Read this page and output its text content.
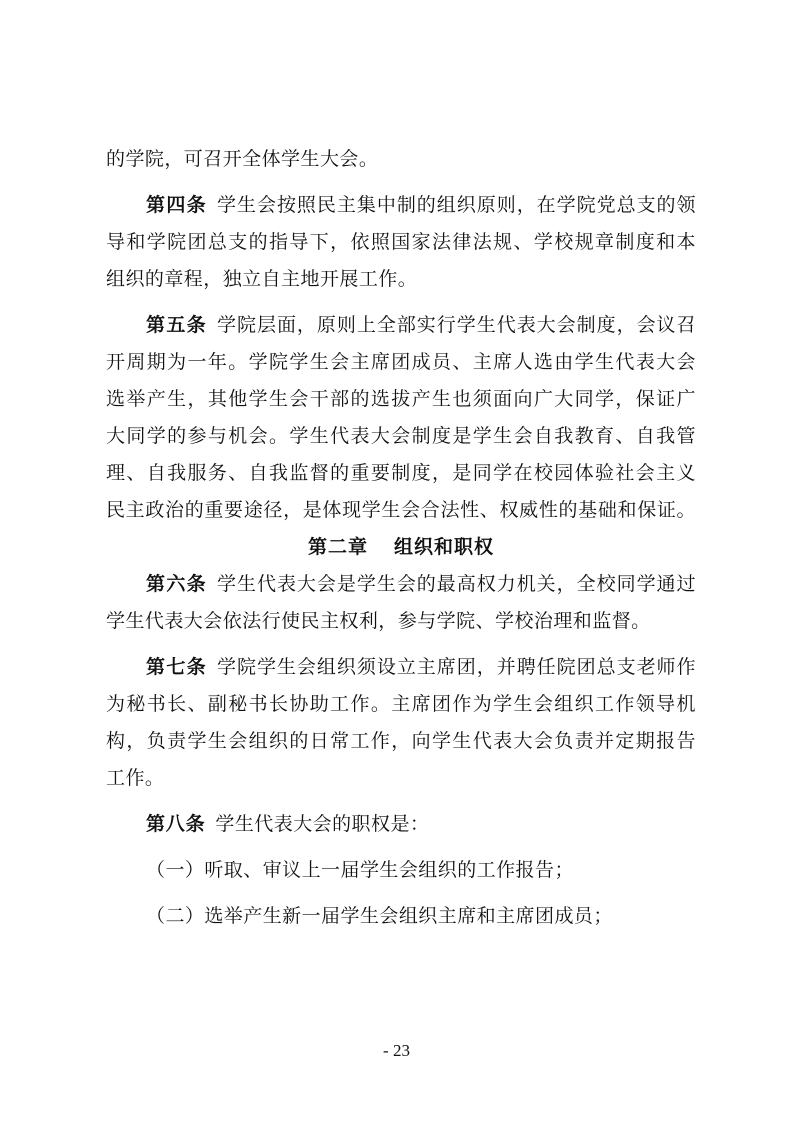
的学院，可召开全体学生大会。
第四条 学生会按照民主集中制的组织原则，在学院党总支的领
导和学院团总支的指导下，依照国家法律法规、学校规章制度和本
组织的章程，独立自主地开展工作。
第五条 学院层面，原则上全部实行学生代表大会制度，会议召
开周期为一年。学院学生会主席团成员、主席人选由学生代表大会
选举产生，其他学生会干部的选拔产生也须面向广大同学，保证广
大同学的参与机会。学生代表大会制度是学生会自我教育、自我管
理、自我服务、自我监督的重要制度，是同学在校园体验社会主义
民主政治的重要途径，是体现学生会合法性、权威性的基础和保证。
第二章 组织和职权
第六条 学生代表大会是学生会的最高权力机关，全校同学通过
学生代表大会依法行使民主权利，参与学院、学校治理和监督。
第七条 学院学生会组织须设立主席团，并聘任院团总支老师作
为秘书长、副秘书长协助工作。主席团作为学生会组织工作领导机
构，负责学生会组织的日常工作，向学生代表大会负责并定期报告
工作。
第八条 学生代表大会的职权是：
（一）听取、审议上一届学生会组织的工作报告；
（二）选举产生新一届学生会组织主席和主席团成员；
- 23
